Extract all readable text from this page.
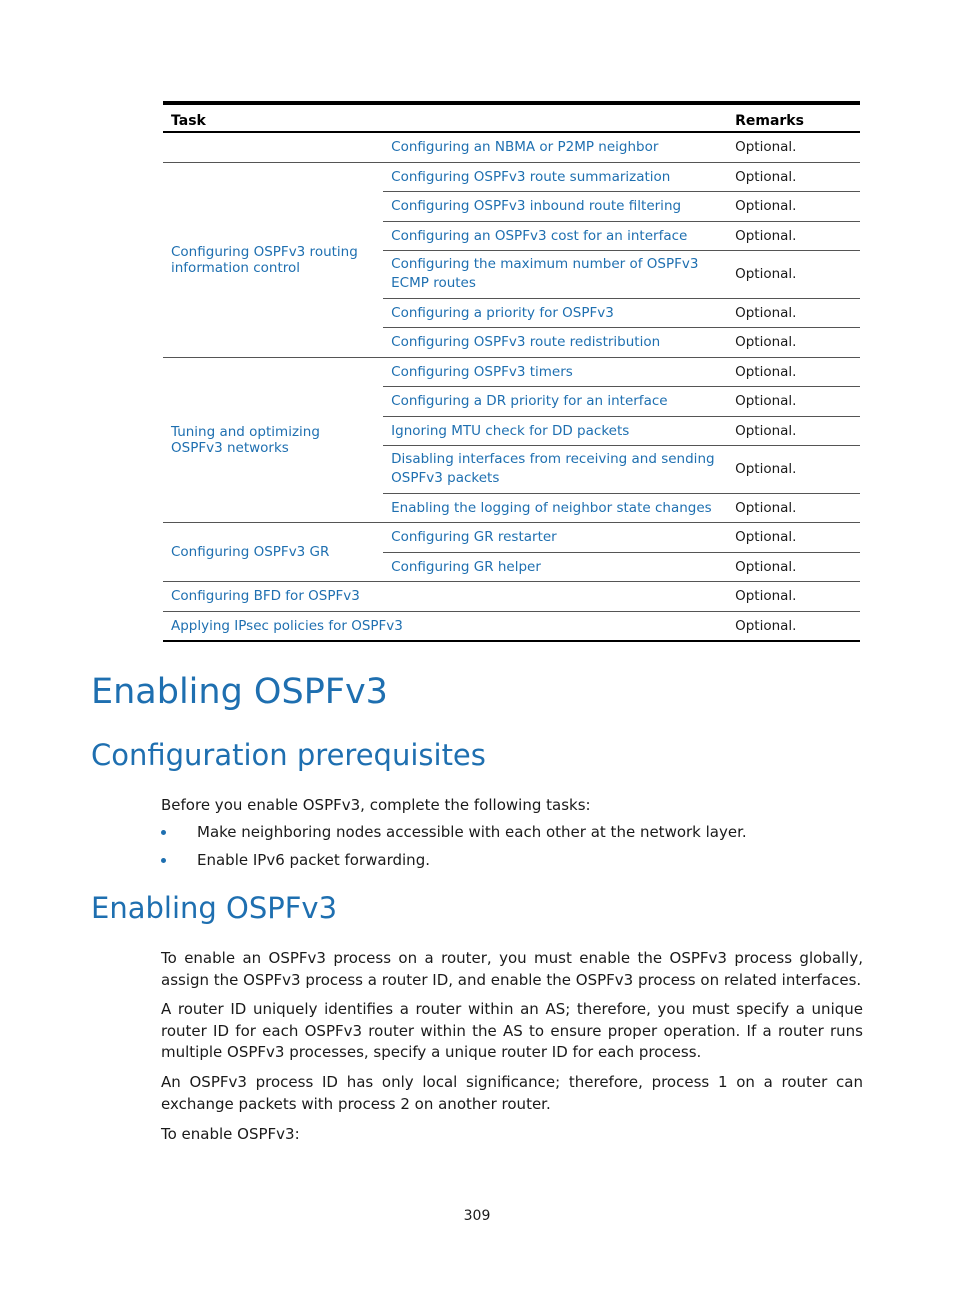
Task		Remarks
	Configuring an NBMA or P2MP neighbor	Optional.
Configuring OSPFv3 routing information control	Configuring OSPFv3 route summarization	Optional.
	Configuring OSPFv3 inbound route filtering	Optional.
	Configuring an OSPFv3 cost for an interface	Optional.
	Configuring the maximum number of OSPFv3 ECMP routes	Optional.
	Configuring a priority for OSPFv3	Optional.
	Configuring OSPFv3 route redistribution	Optional.
Tuning and optimizing OSPFv3 networks	Configuring OSPFv3 timers	Optional.
	Configuring a DR priority for an interface	Optional.
	Ignoring MTU check for DD packets	Optional.
	Disabling interfaces from receiving and sending OSPFv3 packets	Optional.
	Enabling the logging of neighbor state changes	Optional.
Configuring OSPFv3 GR	Configuring GR restarter	Optional.
	Configuring GR helper	Optional.
Configuring BFD for OSPFv3		Optional.
Applying IPsec policies for OSPFv3		Optional.
Enabling OSPFv3
Configuration prerequisites

Before you enable OSPFv3, complete the following tasks:

Make neighboring nodes accessible with each other at the network layer.
Enable IPv6 packet forwarding.
Enabling OSPFv3

To enable an OSPFv3 process on a router, you must enable the OSPFv3 process globally, assign the OSPFv3 process a router ID, and enable the OSPFv3 process on related interfaces.

A router ID uniquely identifies a router within an AS; therefore, you must specify a unique router ID for each OSPFv3 router within the AS to ensure proper operation. If a router runs multiple OSPFv3 processes, specify a unique router ID for each process.

An OSPFv3 process ID has only local significance; therefore, process 1 on a router can exchange packets with process 2 on another router.

To enable OSPFv3:

309
